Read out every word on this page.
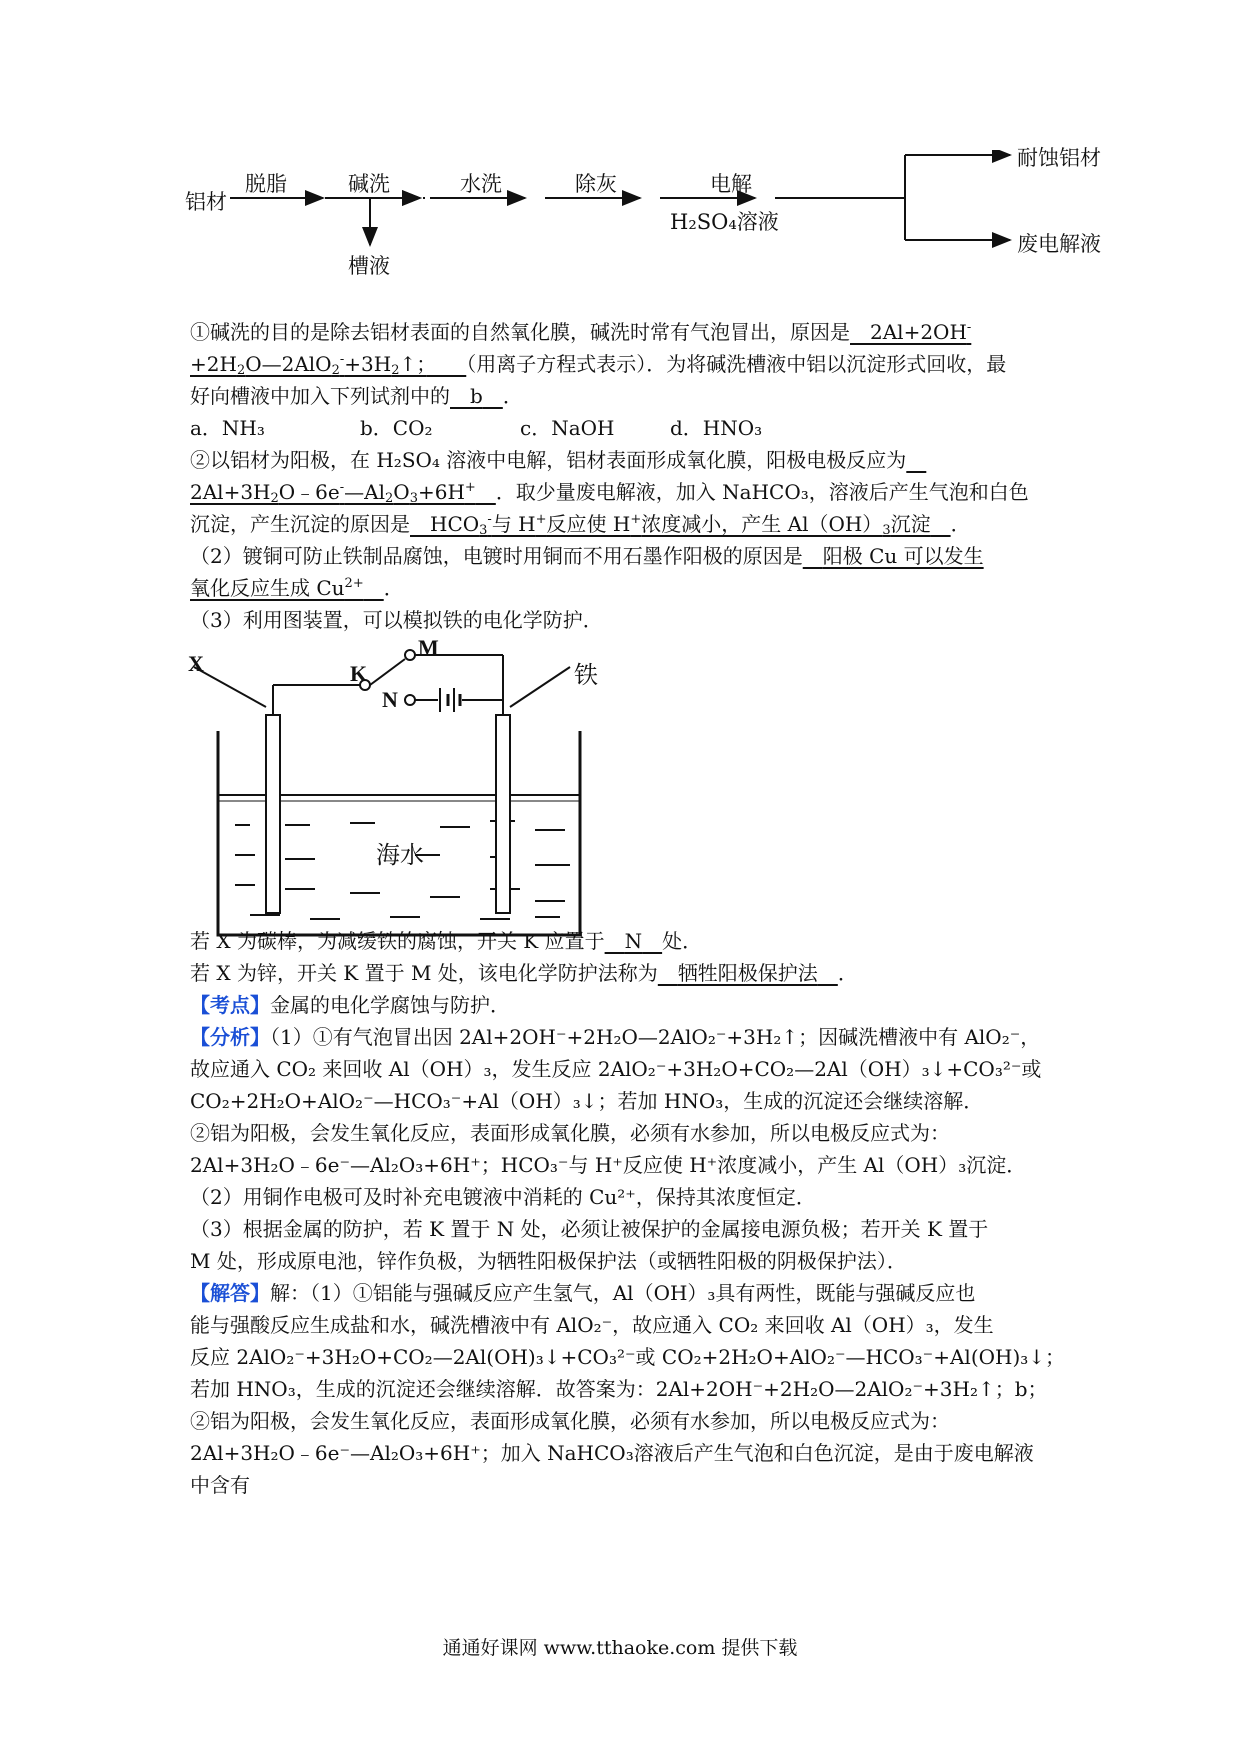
铝材
脱脂	碱洗	水洗	除灰	电解
H₂SO₄溶液
槽液
耐蚀铝材
废电解液
①碱洗的目的是除去铝材表面的自然氧化膜，碱洗时常有气泡冒出，原因是　 2Al+2OH-
$+2H_2O—2AlO_2^-+3H_2↑$；　　 （用离子方程式表示）．为将碱洗槽液中铝以沉淀形式回收，最
好向槽液中加入下列试剂中的　 b　 ．
a．NH₃	b．CO₂	c．NaOH	d．HNO₃
②以铝材为阳极，在 H₂SO₄ 溶液中电解，铝材表面形成氧化膜，阳极电极反应为　
$2Al+3H_2O﹣6e^-—Al_2O_3+6H^+$　 ．取少量废电解液，加入 NaHCO₃，溶液后产生气泡和白色
沉淀，产生沉淀的原因是　 $HCO_3^-$与 H+反应使 H+浓度减小，产生 $Al(OH)_3$沉淀　 ．
（2）镀铜可防止铁制品腐蚀，电镀时用铜而不用石墨作阳极的原因是　 阳极 Cu 可以发生
氧化反应生成 $Cu^{2+}$　 ．
（3）利用图装置，可以模拟铁的电化学防护．
M
K
N
X	铁
海水
若 X 为碳棒，为减缓铁的腐蚀，开关 K 应置于　 N　 处．
若 X 为锌，开关 K 置于 M 处，该电化学防护法称为　 牺牲阳极保护法　 ．
【考点】金属的电化学腐蚀与防护．
【分析】（1）①有气泡冒出因 2Al+2OH⁻+2H₂O—2AlO₂⁻+3H₂↑；因碱洗槽液中有 AlO₂⁻，
故应通入 CO₂ 来回收 Al（OH）₃，发生反应 2AlO₂⁻+3H₂O+CO₂—2Al（OH）₃↓+CO₃²⁻或
CO₂+2H₂O+AlO₂⁻—HCO₃⁻+Al（OH）₃↓；若加 HNO₃，生成的沉淀还会继续溶解．
②铝为阳极，会发生氧化反应，表面形成氧化膜，必须有水参加，所以电极反应式为：
2Al+3H₂O﹣6e⁻—Al₂O₃+6H⁺；HCO₃⁻与 H⁺反应使 H⁺浓度减小，产生 Al（OH）₃沉淀．
（2）用铜作电极可及时补充电镀液中消耗的 Cu²⁺，保持其浓度恒定．
（3）根据金属的防护，若 K 置于 N 处，必须让被保护的金属接电源负极；若开关 K 置于
M 处，形成原电池，锌作负极，为牺牲阳极保护法（或牺牲阳极的阴极保护法）．
【解答】解：（1）①铝能与强碱反应产生氢气，Al（OH）₃具有两性，既能与强碱反应也
能与强酸反应生成盐和水，碱洗槽液中有 AlO₂⁻，故应通入 CO₂ 来回收 Al（OH）₃，发生
反应 2AlO₂⁻+3H₂O+CO₂—2Al(OH)₃↓+CO₃²⁻或 CO₂+2H₂O+AlO₂⁻—HCO₃⁻+Al(OH)₃↓；
若加 HNO₃，生成的沉淀还会继续溶解．故答案为：2Al+2OH⁻+2H₂O—2AlO₂⁻+3H₂↑；b；
②铝为阳极，会发生氧化反应，表面形成氧化膜，必须有水参加，所以电极反应式为：
2Al+3H₂O﹣6e⁻—Al₂O₃+6H⁺；加入 NaHCO₃溶液后产生气泡和白色沉淀，是由于废电解液
中含有
通通好课网 www.tthaoke.com 提供下载
